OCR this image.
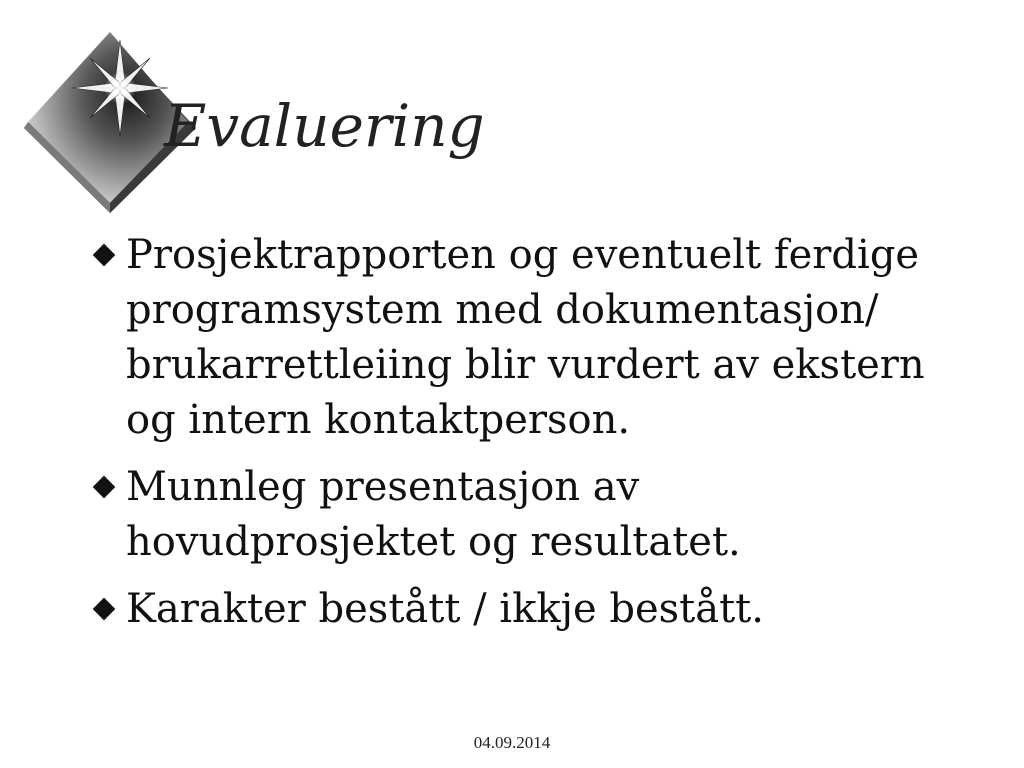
Evaluering
Prosjektrapporten og eventuelt ferdige programsystem med dokumentasjon/ brukarrettleiing blir vurdert av ekstern og intern kontaktperson.
Munnleg presentasjon av hovudprosjektet og resultatet.
Karakter bestått / ikkje bestått.
04.09.2014
